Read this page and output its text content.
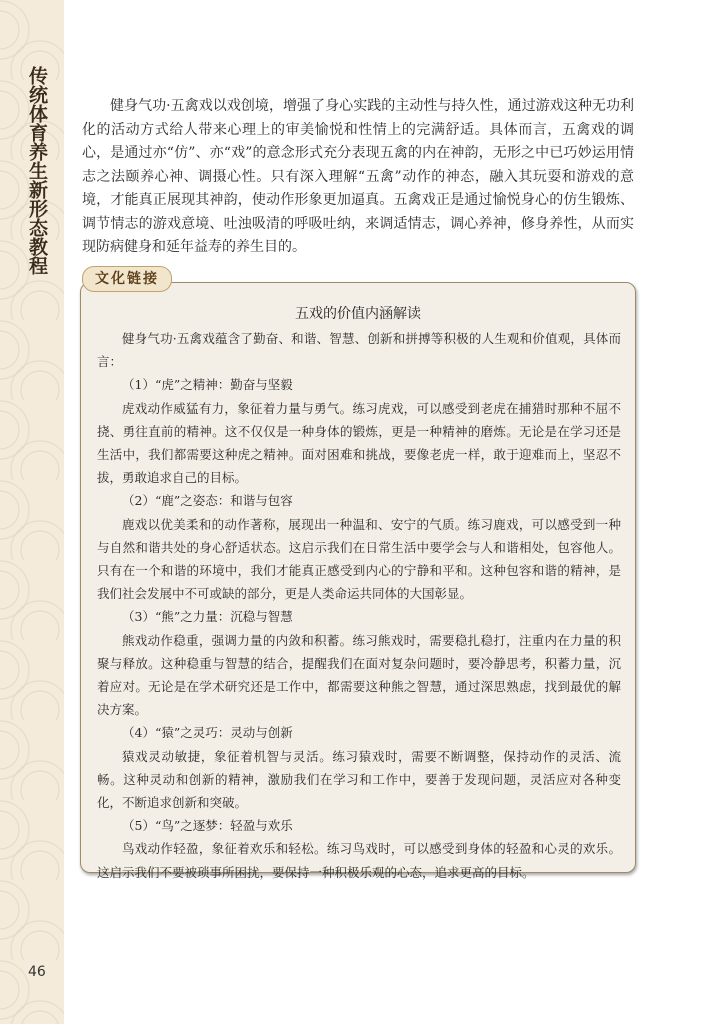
传统体育养生新形态教程	健身气功·五禽戏以戏创境，增强了身心实践的主动性与持久性，通过游戏这种无功利化的活动方式给人带来心理上的审美愉悦和性情上的完满舒适。具体而言，五禽戏的调心，是通过亦“仿”、亦“戏”的意念形式充分表现五禽的内在神韵，无形之中已巧妙运用情志之法颐养心神、调摄心性。只有深入理解“五禽”动作的神态，融入其玩耍和游戏的意境，才能真正展现其神韵，使动作形象更加逼真。五禽戏正是通过愉悦身心的仿生锻炼、调节情志的游戏意境、吐浊吸清的呼吸吐纳，来调适情志，调心养神，修身养性，从而实现防病健身和延年益寿的养生目的。

五戏的价值内涵解读

健身气功·五禽戏蕴含了勤奋、和谐、智慧、创新和拼搏等积极的人生观和价值观，具体而言：

（1）“虎”之精神：勤奋与坚毅

虎戏动作威猛有力，象征着力量与勇气。练习虎戏，可以感受到老虎在捕猎时那种不屈不挠、勇往直前的精神。这不仅仅是一种身体的锻炼，更是一种精神的磨炼。无论是在学习还是生活中，我们都需要这种虎之精神。面对困难和挑战，要像老虎一样，敢于迎难而上，坚忍不拔，勇敢追求自己的目标。

（2）“鹿”之姿态：和谐与包容

鹿戏以优美柔和的动作著称，展现出一种温和、安宁的气质。练习鹿戏，可以感受到一种与自然和谐共处的身心舒适状态。这启示我们在日常生活中要学会与人和谐相处，包容他人。只有在一个和谐的环境中，我们才能真正感受到内心的宁静和平和。这种包容和谐的精神，是我们社会发展中不可或缺的部分，更是人类命运共同体的大国彰显。

（3）“熊”之力量：沉稳与智慧

熊戏动作稳重，强调力量的内敛和积蓄。练习熊戏时，需要稳扎稳打，注重内在力量的积聚与释放。这种稳重与智慧的结合，提醒我们在面对复杂问题时，要冷静思考，积蓄力量，沉着应对。无论是在学术研究还是工作中，都需要这种熊之智慧，通过深思熟虑，找到最优的解决方案。

（4）“猿”之灵巧：灵动与创新

猿戏灵动敏捷，象征着机智与灵活。练习猿戏时，需要不断调整，保持动作的灵活、流畅。这种灵动和创新的精神，激励我们在学习和工作中，要善于发现问题，灵活应对各种变化，不断追求创新和突破。

（5）“鸟”之逐梦：轻盈与欢乐

鸟戏动作轻盈，象征着欢乐和轻松。练习鸟戏时，可以感受到身体的轻盈和心灵的欢乐。这启示我们不要被琐事所困扰，要保持一种积极乐观的心态，追求更高的目标。

文化链接
46
